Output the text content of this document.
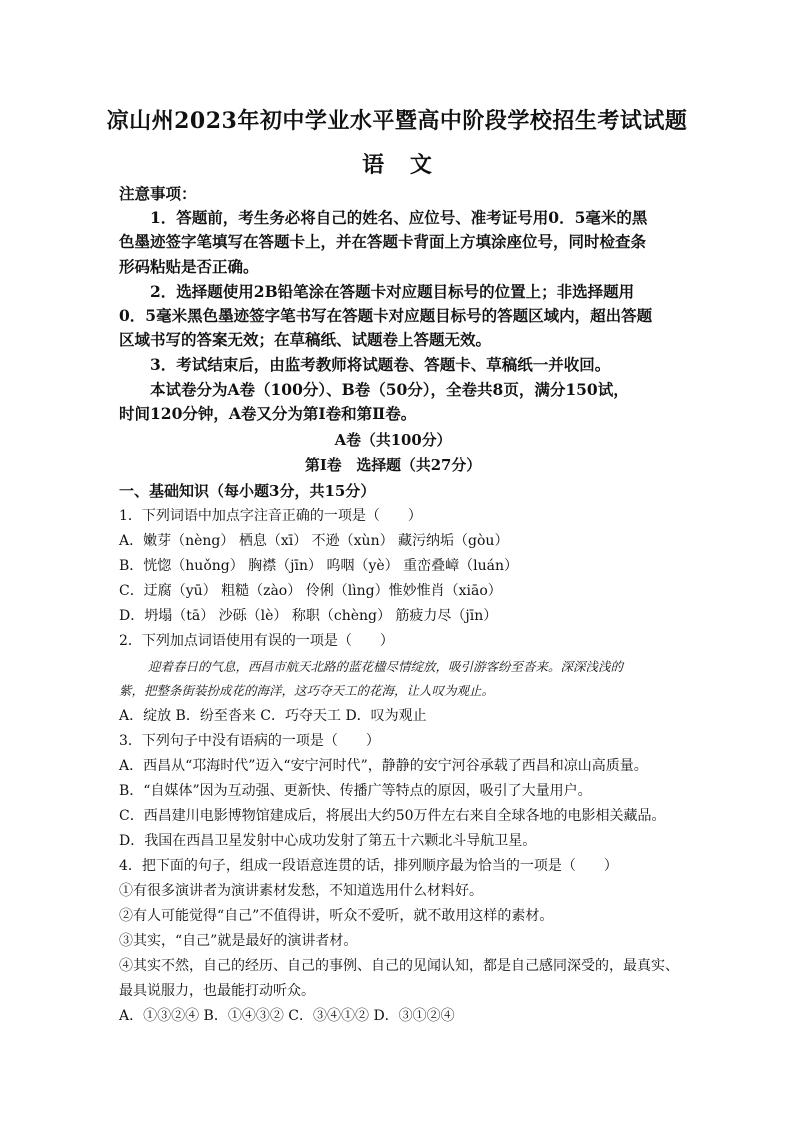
凉山州2023年初中学业水平暨高中阶段学校招生考试试题
语 文
注意事项：
1．答题前，考生务必将自己的姓名、应位号、准考证号用0．5毫米的黑
色墨迹签字笔填写在答题卡上，并在答题卡背面上方填涂座位号，同时检查条
形码粘贴是否正确。
2．选择题使用2B铅笔涂在答题卡对应题目标号的位置上；非选择题用
0．5毫米黑色墨迹签字笔书写在答题卡对应题目标号的答题区域内，超出答题
区域书写的答案无效；在草稿纸、试题卷上答题无效。
3．考试结束后，由监考教师将试题卷、答题卡、草稿纸一并收回。
本试卷分为A卷（100分）、B卷（50分），全卷共8页，满分150试，
时间120分钟，A卷又分为第Ⅰ卷和第Ⅱ卷。
A卷（共100分）
第Ⅰ卷　选择题（共27分）
一、基础知识（每小题3分，共15分）
1．下列词语中加点字注音正确的一项是（　　）
A．嫩芽（nèng） 栖息（xī） 不逊（xùn） 藏污纳垢（gòu）
B．恍惚（huǒng） 胸襟（jīn） 呜咽（yè） 重峦叠嶂（luán）
C．迂腐（yū） 粗糙（zào） 伶俐（lìng）惟妙惟肖（xiāo）
D．坍塌（tā） 沙砾（lè） 称职（chèng） 筋疲力尽（jīn）
2．下列加点词语使用有误的一项是（　　）
迎着春日的气息，西昌市航天北路的蓝花楹尽情绽放，吸引游客纷至沓来。深深浅浅的
紫，把整条街装扮成花的海洋，这巧夺天工的花海，让人叹为观止。
A．绽放 B．纷至沓来 C．巧夺天工 D．叹为观止
3．下列句子中没有语病的一项是（　　）
A．西昌从“邛海时代”迈入“安宁河时代”，静静的安宁河谷承载了西昌和凉山高质量。
B．“自媒体”因为互动强、更新快、传播广等特点的原因，吸引了大量用户。
C．西昌建川电影博物馆建成后，将展出大约50万件左右来自全球各地的电影相关藏品。
D．我国在西昌卫星发射中心成功发射了第五十六颗北斗导航卫星。
4．把下面的句子，组成一段语意连贯的话，排列顺序最为恰当的一项是（　　）
①有很多演讲者为演讲素材发愁，不知道选用什么材料好。
②有人可能觉得“自己”不值得讲，听众不爱听，就不敢用这样的素材。
③其实，“自己”就是最好的演讲者材。
④其实不然，自己的经历、自己的事例、自己的见闻认知，都是自己感同深受的，最真实、
最具说服力，也最能打动听众。
A．①③②④ B．①④③② C．③④①② D．③①②④
